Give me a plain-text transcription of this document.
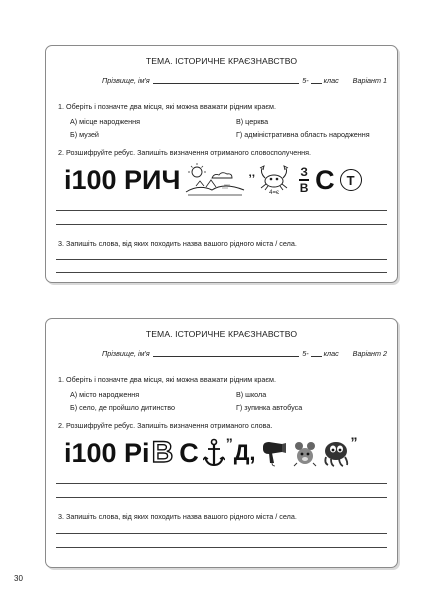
ТЕМА. ІСТОРИЧНЕ КРАЄЗНАВСТВО
Прізвище, ім'я	5- клас Варіант 1
1. Оберіть і позначте два місця, які можна вважати рідним краєм.
А) місце народження	В) церква
Б) музей	Г) адміністративна область народження
2. Розшифруйте ребус. Запишіть визначення отриманого словосполучення.
і100 РИЧ	‚‚
$4=є \frac{З}{В}$ С Т
3. Запишіть слова, від яких походить назва вашого рідного міста / села.
ТЕМА. ІСТОРИЧНЕ КРАЄЗНАВСТВО
Прізвище, ім'я	5- клас Варіант 2
1. Оберіть і позначте два місця, які можна вважати рідним краєм.
А) місто народження	В) школа
Б) село, де пройшло дитинство	Г) зупинка автобуса
2. Розшифруйте ребус. Запишіть визначення отриманого слова.
і100 Рі В С ” Д,	”
3. Запишіть слова, від яких походить назва вашого рідного міста / села.
30
